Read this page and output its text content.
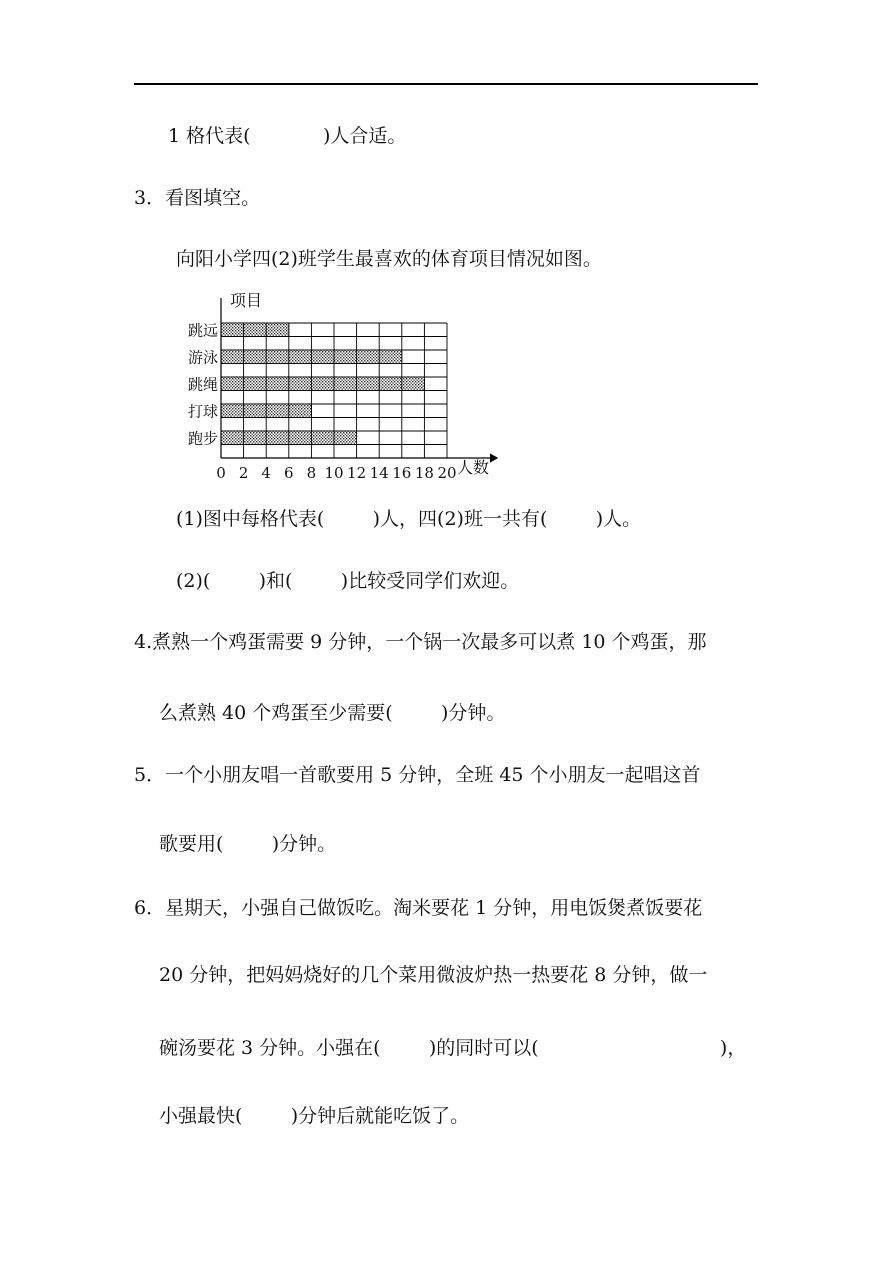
1 格代表(            )人合适。
3．看图填空。
向阳小学四(2)班学生最喜欢的体育项目情况如图。
项目
人数
跳远
游泳
跳绳
打球
跑步
0 2 4 6 8 10 12 14 16 18 20
(1)图中每格代表(        )人，四(2)班一共有(        )人。
(2)(        )和(        )比较受同学们欢迎。
4.煮熟一个鸡蛋需要 9 分钟，一个锅一次最多可以煮 10 个鸡蛋，那
么煮熟 40 个鸡蛋至少需要(        )分钟。
5．一个小朋友唱一首歌要用 5 分钟，全班 45 个小朋友一起唱这首
歌要用(        )分钟。
6．星期天，小强自己做饭吃。淘米要花 1 分钟，用电饭煲煮饭要花
20 分钟，把妈妈烧好的几个菜用微波炉热一热要花 8 分钟，做一
碗汤要花 3 分钟。小强在(        )的同时可以(                              )，
小强最快(        )分钟后就能吃饭了。
